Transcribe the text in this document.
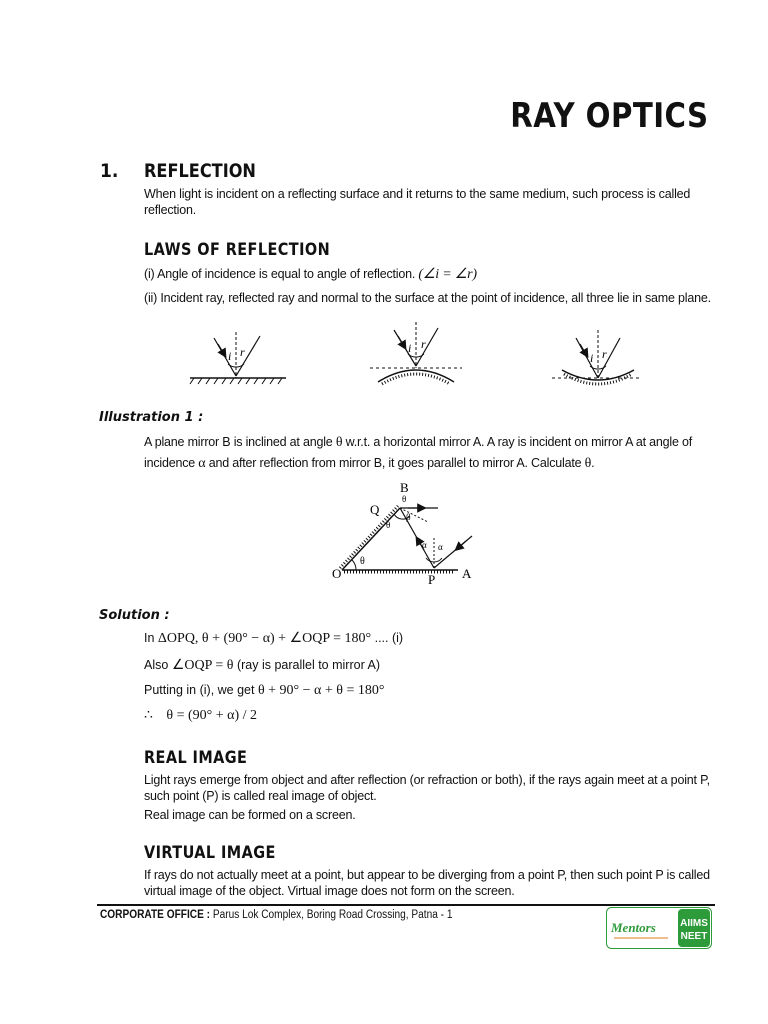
RAY OPTICS
1. REFLECTION
When light is incident on a reflecting surface and it returns to the same medium, such process is called
reflection.
LAWS OF REFLECTION
(i) Angle of incidence is equal to angle of reflection. (∠i = ∠r)
(ii) Incident ray, reflected ray and normal to the surface at the point of incidence, all three lie in same plane.
i r	i r
i r
Illustration 1 :
A plane mirror B is inclined at angle θ w.r.t. a horizontal mirror A. A ray is incident on mirror A at angle of
incidence α and after reflection from mirror B, it goes parallel to mirror A. Calculate θ.
B
Q
O	P A
θ
θ
θ
β
α α
Solution :
In ΔOPQ, θ + (90° − α) + ∠OQP = 180° .... (i)
Also ∠OQP = θ (ray is parallel to mirror A)
Putting in (i), we get θ + 90° − α + θ = 180°
∴ θ = (90° + α) / 2
REAL IMAGE
Light rays emerge from object and after reflection (or refraction or both), if the rays again meet at a point P,
such point (P) is called real image of object.
Real image can be formed on a screen.
VIRTUAL IMAGE
If rays do not actually meet at a point, but appear to be diverging from a point P, then such point P is called
virtual image of the object. Virtual image does not form on the screen.
CORPORATE OFFICE : Parus Lok Complex, Boring Road Crossing, Patna - 1
Mentors AIIMS
NEET
